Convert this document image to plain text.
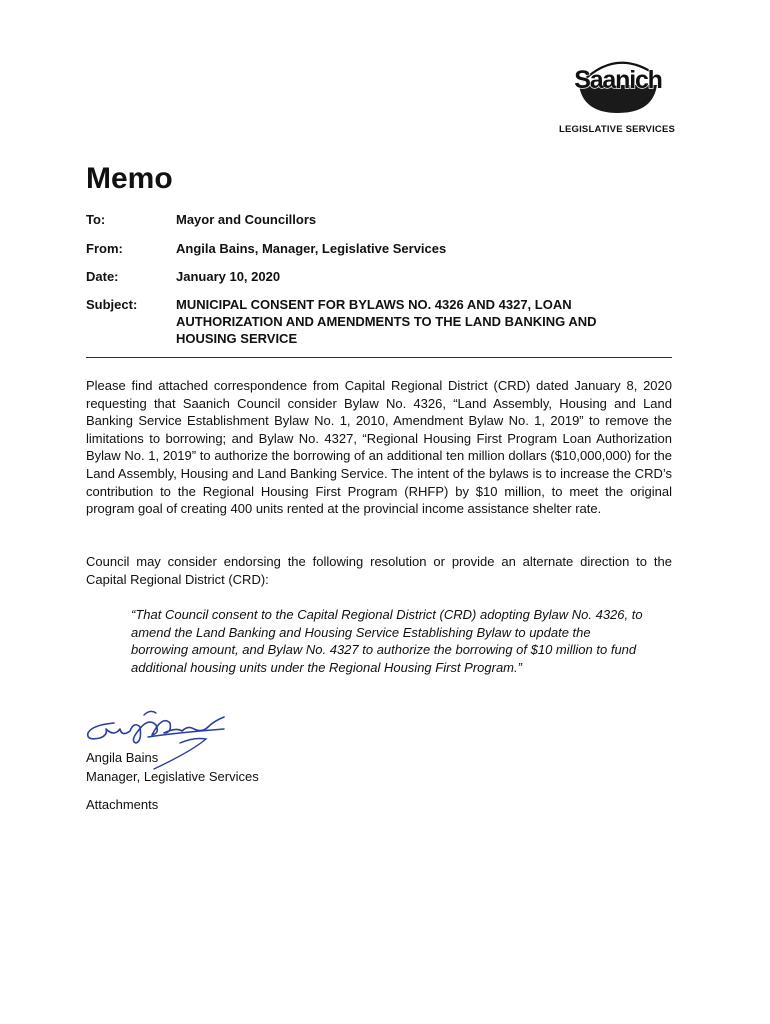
Saanich
LEGISLATIVE SERVICES
Memo
To:	Mayor and Councillors
From:	Angila Bains, Manager, Legislative Services
Date:	January 10, 2020
Subject:	MUNICIPAL CONSENT FOR BYLAWS NO. 4326 AND 4327, LOAN AUTHORIZATION AND AMENDMENTS TO THE LAND BANKING AND HOUSING SERVICE

Please find attached correspondence from Capital Regional District (CRD) dated January 8, 2020 requesting that Saanich Council consider Bylaw No. 4326, “Land Assembly, Housing and Land Banking Service Establishment Bylaw No. 1, 2010, Amendment Bylaw No. 1, 2019” to remove the limitations to borrowing; and Bylaw No. 4327, “Regional Housing First Program Loan Authorization Bylaw No. 1, 2019” to authorize the borrowing of an additional ten million dollars ($10,000,000) for the Land Assembly, Housing and Land Banking Service. The intent of the bylaws is to increase the CRD’s contribution to the Regional Housing First Program (RHFP) by $10 million, to meet the original program goal of creating 400 units rented at the provincial income assistance shelter rate.

Council may consider endorsing the following resolution or provide an alternate direction to the Capital Regional District (CRD):

“That Council consent to the Capital Regional District (CRD) adopting Bylaw No. 4326, to amend the Land Banking and Housing Service Establishing Bylaw to update the borrowing amount, and Bylaw No. 4327 to authorize the borrowing of $10 million to fund additional housing units under the Regional Housing First Program.”

Angila Bains
Manager, Legislative Services
Attachments
